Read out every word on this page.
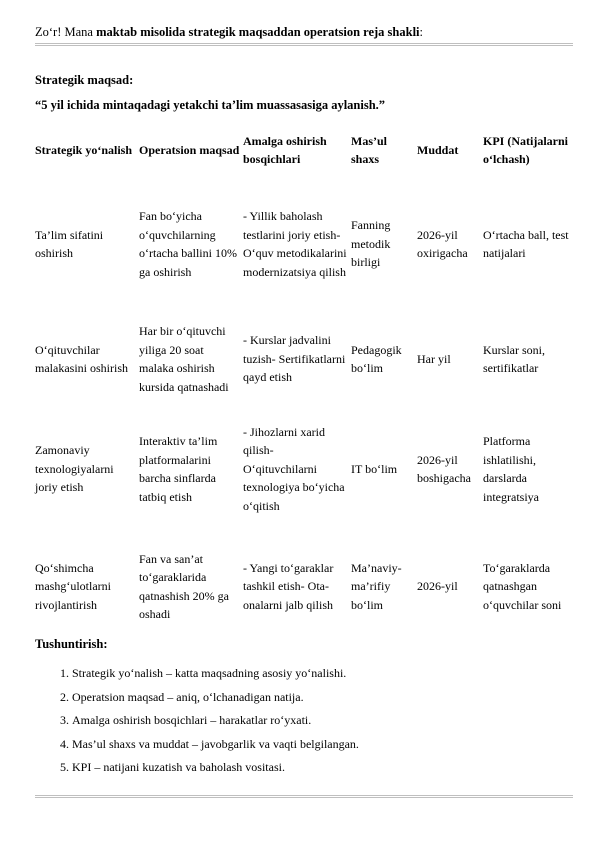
Zo‘r! Mana maktab misolida strategik maqsaddan operatsion reja shakli:
Strategik maqsad:
“5 yil ichida mintaqadagi yetakchi ta’lim muassasasiga aylanish.”
Strategik yo‘nalish	Operatsion maqsad	Amalga oshirish bosqichlari	Mas’ul shaxs	Muddat	KPI (Natijalarni o‘lchash)
Ta’lim sifatini oshirish	Fan bo‘yicha o‘quvchilarning o‘rtacha ballini 10% ga oshirish	- Yillik baholash testlarini joriy etish- O‘quv metodikalarini modernizatsiya qilish	Fanning metodik birligi	2026-yil oxirigacha	O‘rtacha ball, test natijalari
O‘qituvchilar malakasini oshirish	Har bir o‘qituvchi yiliga 20 soat malaka oshirish kursida qatnashadi	- Kurslar jadvalini tuzish- Sertifikatlarni qayd etish	Pedagogik bo‘lim	Har yil	Kurslar soni, sertifikatlar
Zamonaviy texnologiyalarni joriy etish	Interaktiv ta’lim platformalarini barcha sinflarda tatbiq etish	- Jihozlarni xarid qilish- O‘qituvchilarni texnologiya bo‘yicha o‘qitish	IT bo‘lim	2026-yil boshigacha	Platforma ishlatilishi, darslarda integratsiya
Qo‘shimcha mashg‘ulotlarni rivojlantirish	Fan va san’at to‘garaklarida qatnashish 20% ga oshadi	- Yangi to‘garaklar tashkil etish- Ota-onalarni jalb qilish	Ma’naviy-ma’rifiy bo‘lim	2026-yil	To‘garaklarda qatnashgan o‘quvchilar soni
Tushuntirish:
1. Strategik yo‘nalish – katta maqsadning asosiy yo‘nalishi.
2. Operatsion maqsad – aniq, o‘lchanadigan natija.
3. Amalga oshirish bosqichlari – harakatlar ro‘yxati.
4. Mas’ul shaxs va muddat – javobgarlik va vaqti belgilangan.
5. KPI – natijani kuzatish va baholash vositasi.
